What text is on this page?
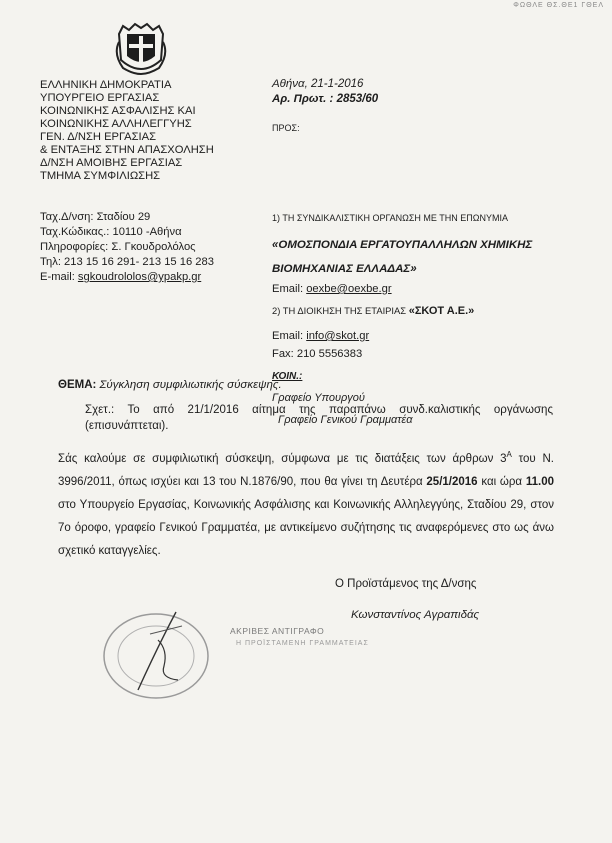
ΦΩΘΛΕ ΘΣ.ΘΕ1 ΓΘΕΛ
ΕΛΛΗΝΙΚΗ ΔΗΜΟΚΡΑΤΙΑ
ΥΠΟΥΡΓΕΙΟ ΕΡΓΑΣΙΑΣ
ΚΟΙΝΩΝΙΚΗΣ ΑΣΦΑΛΙΣΗΣ ΚΑΙ
ΚΟΙΝΩΝΙΚΗΣ ΑΛΛΗΛΕΓΓΥΗΣ
ΓΕΝ. Δ/ΝΣΗ ΕΡΓΑΣΙΑΣ
& ΕΝΤΑΞΗΣ ΣΤΗΝ ΑΠΑΣΧΟΛΗΣΗ
Δ/ΝΣΗ ΑΜΟΙΒΗΣ ΕΡΓΑΣΙΑΣ
ΤΜΗΜΑ ΣΥΜΦΙΛΙΩΣΗΣ
Ταχ.Δ/νση: Σταδίου 29
Ταχ.Κώδικας.: 10110 -Αθήνα
Πληροφορίες: Σ. Γκουδρολόλος
Τηλ: 213 15 16 291- 213 15 16 283
E-mail: sgkoudrololos@ypakp.gr
Αθήνα, 21-1-2016
Αρ. Πρωτ. : 2853/60
ΠΡΟΣ:
1) ΤΗ ΣΥΝΔΙΚΑΛΙΣΤΙΚΗ ΟΡΓΑΝΩΣΗ ΜΕ ΤΗΝ ΕΠΩΝΥΜΙΑ
«ΟΜΟΣΠΟΝΔΙΑ ΕΡΓΑΤΟΥΠΑΛΛΗΛΩΝ ΧΗΜΙΚΗΣ
ΒΙΟΜΗΧΑΝΙΑΣ ΕΛΛΑΔΑΣ»
Email: oexbe@oexbe.gr
2) ΤΗ ΔΙΟΙΚΗΣΗ ΤΗΣ ΕΤΑΙΡΙΑΣ «ΣΚΟΤ Α.Ε.»
Email: info@skot.gr
Fax: 210 5556383
ΚΟΙΝ.:
Γραφείο Υπουργού
Γραφείο Γενικού Γραμματέα
ΘΕΜΑ: Σύγκληση συμφιλιωτικής σύσκεψης.
Σχετ.: Το από 21/1/2016 αίτημα της παραπάνω συνδ.καλιστικής οργάνωσης (επισυνάπτεται).
Σάς καλούμε σε συμφιλιωτική σύσκεψη, σύμφωνα με τις διατάξεις των άρθρων $3^A$ του Ν. 3996/2011, όπως ισχύει και 13 του Ν.1876/90, που θα γίνει τη Δευτέρα 25/1/2016 και ώρα 11.00 στο Υπουργείο Εργασίας, Κοινωνικής Ασφάλισης και Κοινωνικής Αλληλεγγύης, Σταδίου 29, στον 7ο όροφο, γραφείο Γενικού Γραμματέα, με αντικείμενο συζήτησης τις αναφερόμενες στο ως άνω σχετικό καταγγελίες.
Ο Προϊστάμενος της Δ/νσης
Κωνσταντίνος Αγραπιδάς
ΑΚΡΙΒΕΣ ΑΝΤΙΓΡΑΦΟ
Η ΠΡΟΪΣΤΑΜΕΝΗ ΓΡΑΜΜΑΤΕΙΑΣ
